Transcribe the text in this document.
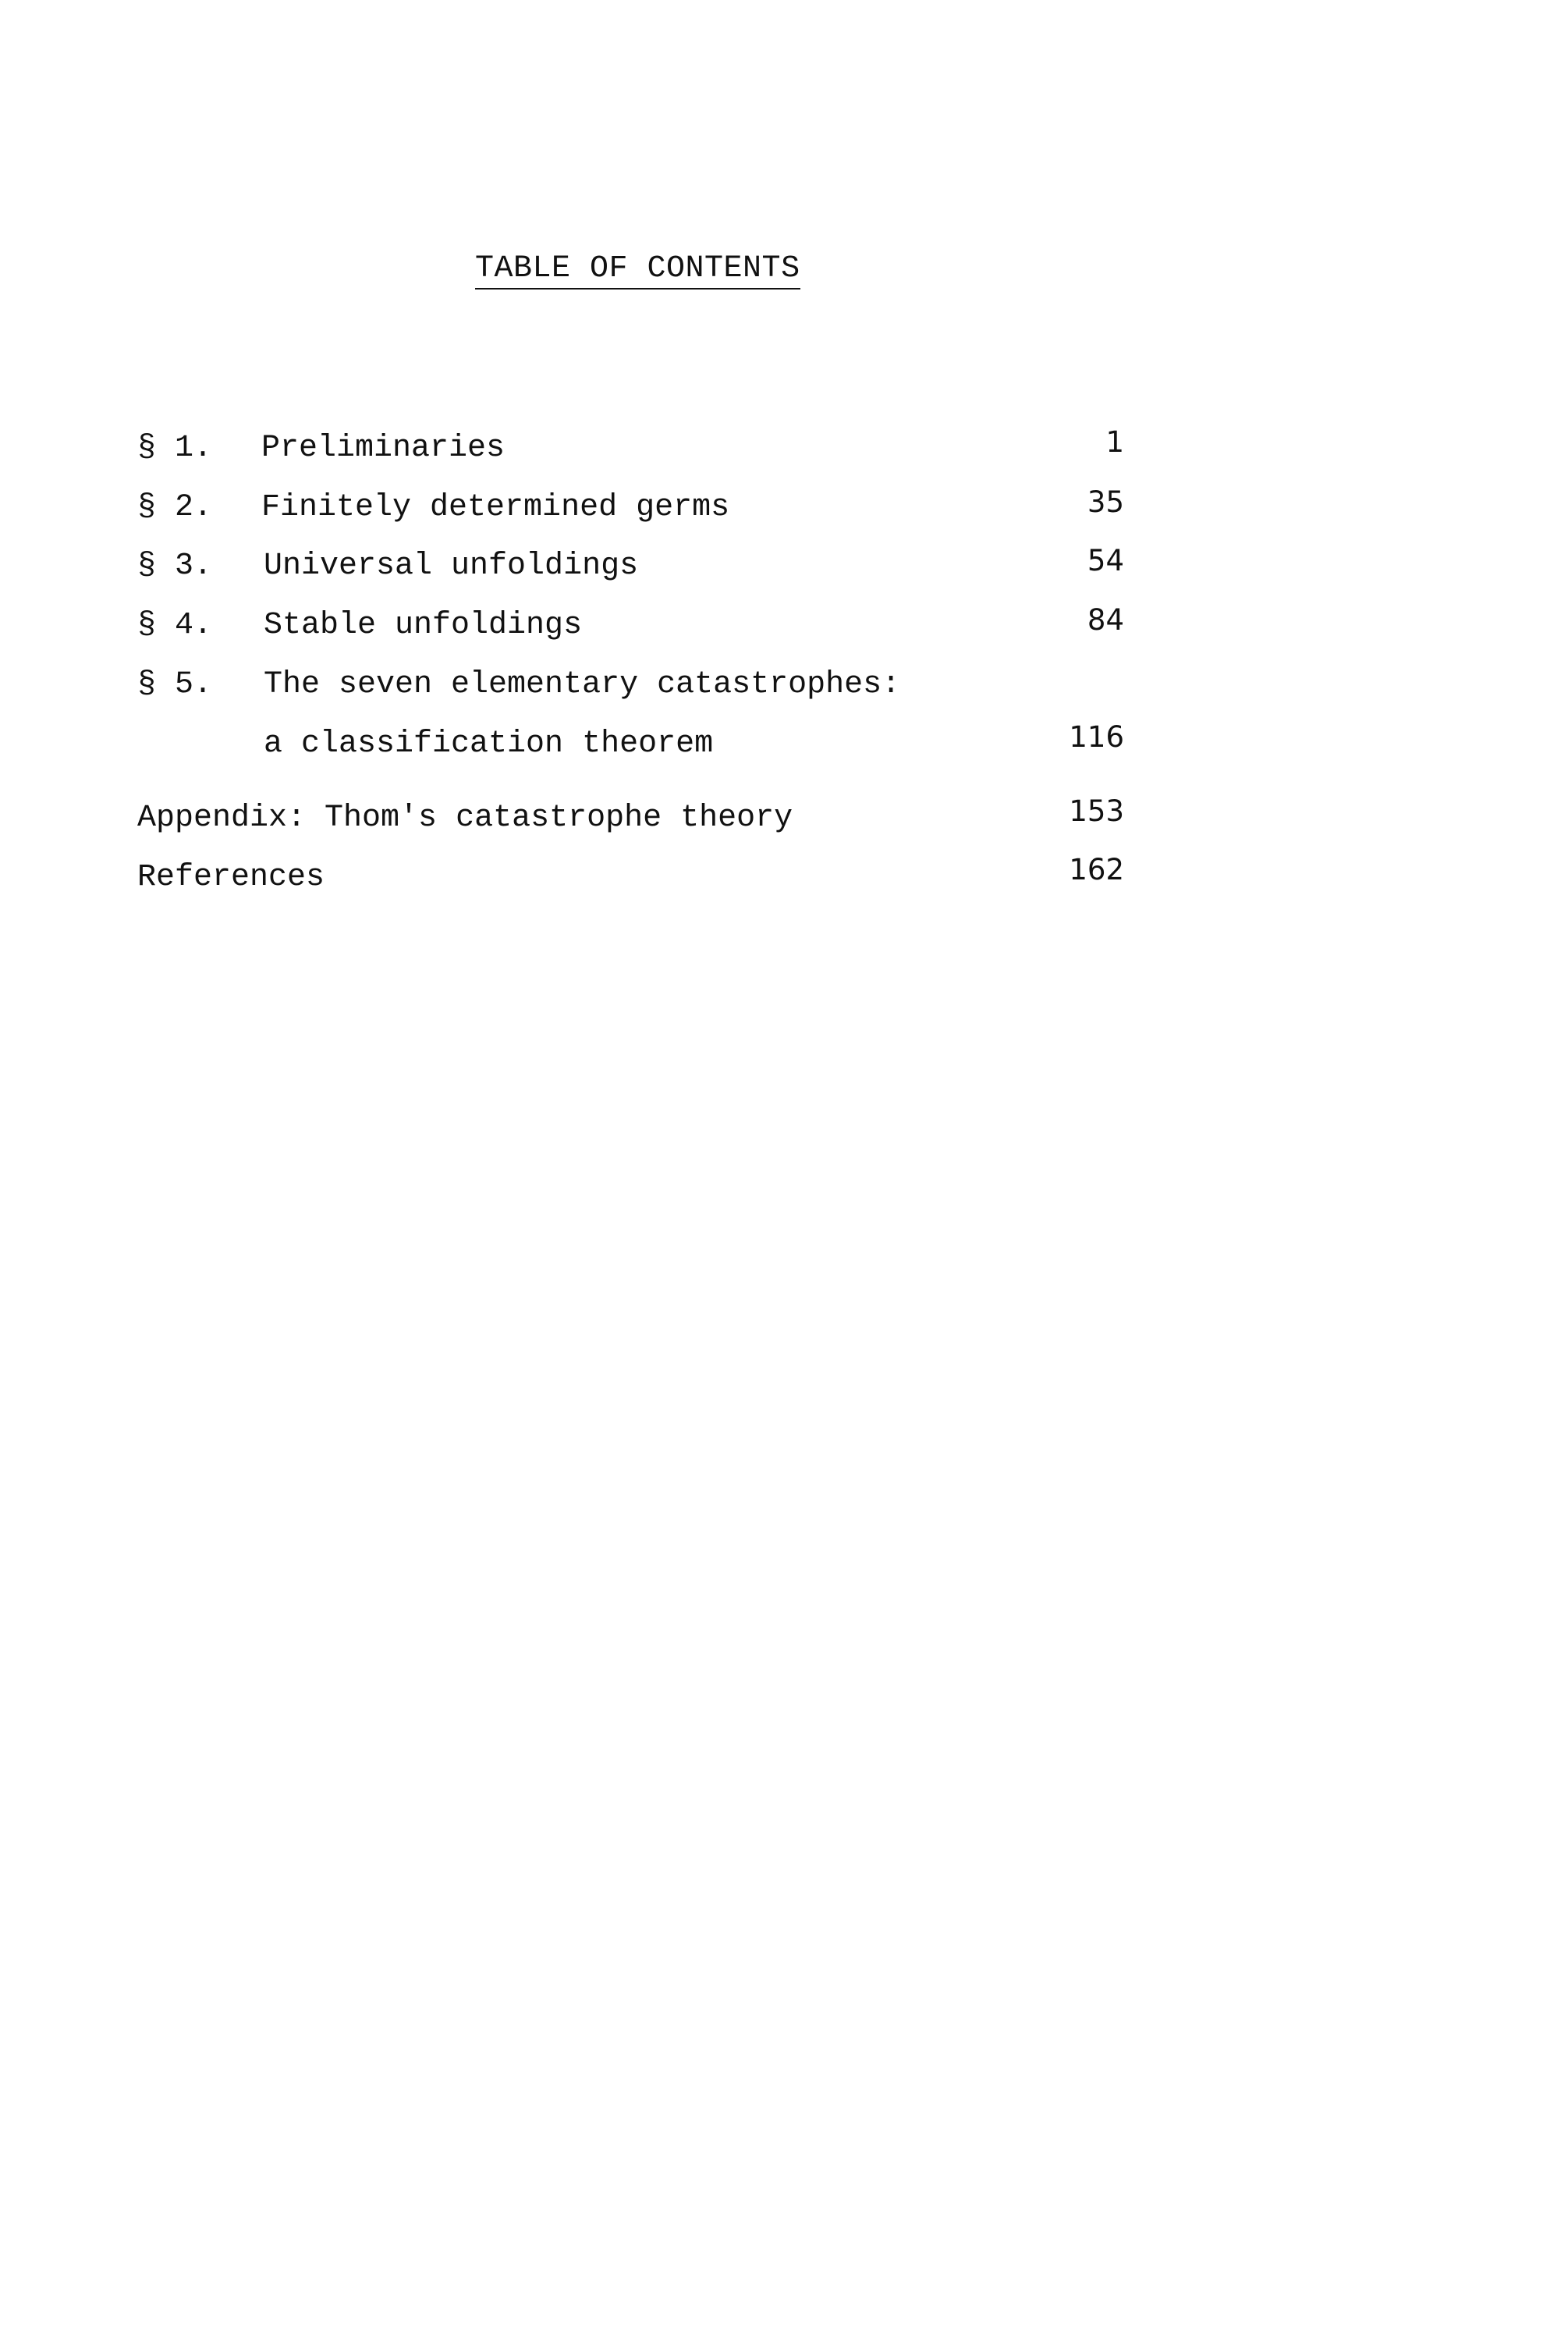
TABLE OF CONTENTS
§ 1. Preliminaries	1
§ 2. Finitely determined germs	35
§ 3. Universal unfoldings	54
§ 4. Stable unfoldings	84
§ 5. The seven elementary catastrophes:
a classification theorem	116
Appendix: Thom's catastrophe theory	153
References	162
